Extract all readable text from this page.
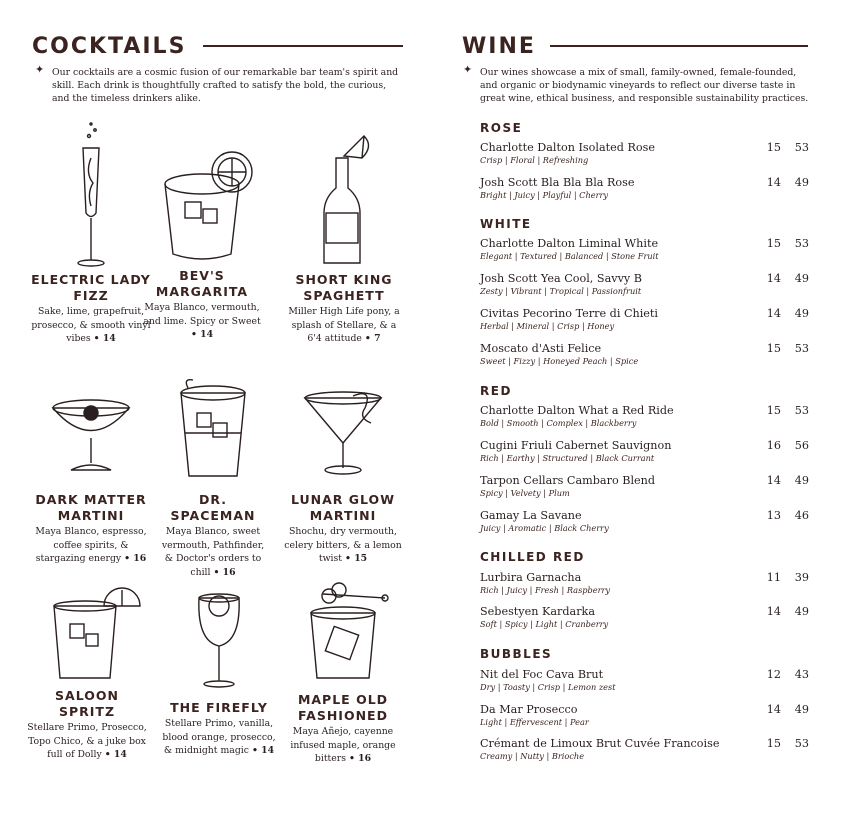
COCKTAILS
✦ Our cocktails are a cosmic fusion of our remarkable bar team's spirit and skill. Each drink is thoughtfully crafted to satisfy the bold, the curious, and the timeless drinkers alike.
ELECTRIC LADY FIZZ
Sake, lime, grapefruit, prosecco, & smooth vinyl vibes • 14
BEV'S MARGARITA
Maya Blanco, vermouth, and lime. Spicy or Sweet • 14
SHORT KING SPAGHETT
Miller High Life pony, a splash of Stellare, & a 6'4 attitude • 7
DARK MATTER MARTINI
Maya Blanco, espresso, coffee spirits, & stargazing energy • 16
DR. SPACEMAN
Maya Blanco, sweet vermouth, Pathfinder, & Doctor's orders to chill • 16
LUNAR GLOW MARTINI
Shochu, dry vermouth, celery bitters, & a lemon twist • 15
SALOON SPRITZ
Stellare Primo, Prosecco, Topo Chico, & a juke box full of Dolly • 14
THE FIREFLY
Stellare Primo, vanilla, blood orange, prosecco, & midnight magic • 14
MAPLE OLD FASHIONED
Maya Añejo, cayenne infused maple, orange bitters • 16
WINE
✦ Our wines showcase a mix of small, family-owned, female-founded, and organic or biodynamic vineyards to reflect our diverse taste in great wine, ethical business, and responsible sustainability practices.
ROSE
Charlotte Dalton Isolated Rose
Crisp | Floral | Refreshing
15 53
Josh Scott Bla Bla Bla Rose
Bright | Juicy | Playful | Cherry
14 49
WHITE
Charlotte Dalton Liminal White
Elegant | Textured | Balanced | Stone Fruit
15 53
Josh Scott Yea Cool, Savvy B
Zesty | Vibrant | Tropical | Passionfruit
14 49
Civitas Pecorino Terre di Chieti
Herbal | Mineral | Crisp | Honey
14 49
Moscato d'Asti Felice
Sweet | Fizzy | Honeyed Peach | Spice
15 53
RED
Charlotte Dalton What a Red Ride
Bold | Smooth | Complex | Blackberry
15 53
Cugini Friuli Cabernet Sauvignon
Rich | Earthy | Structured | Black Currant
16 56
Tarpon Cellars Cambaro Blend
Spicy | Velvety | Plum
14 49
Gamay La Savane
Juicy | Aromatic | Black Cherry
13 46
CHILLED RED
Lurbira Garnacha
Rich | Juicy | Fresh | Raspberry
11 39
Sebestyen Kardarka
Soft | Spicy | Light | Cranberry
14 49
BUBBLES
Nit del Foc Cava Brut
Dry | Toasty | Crisp | Lemon zest
12 43
Da Mar Prosecco
Light | Effervescent | Pear
14 49
Crémant de Limoux Brut Cuvée Francoise
Creamy | Nutty | Brioche
15 53
